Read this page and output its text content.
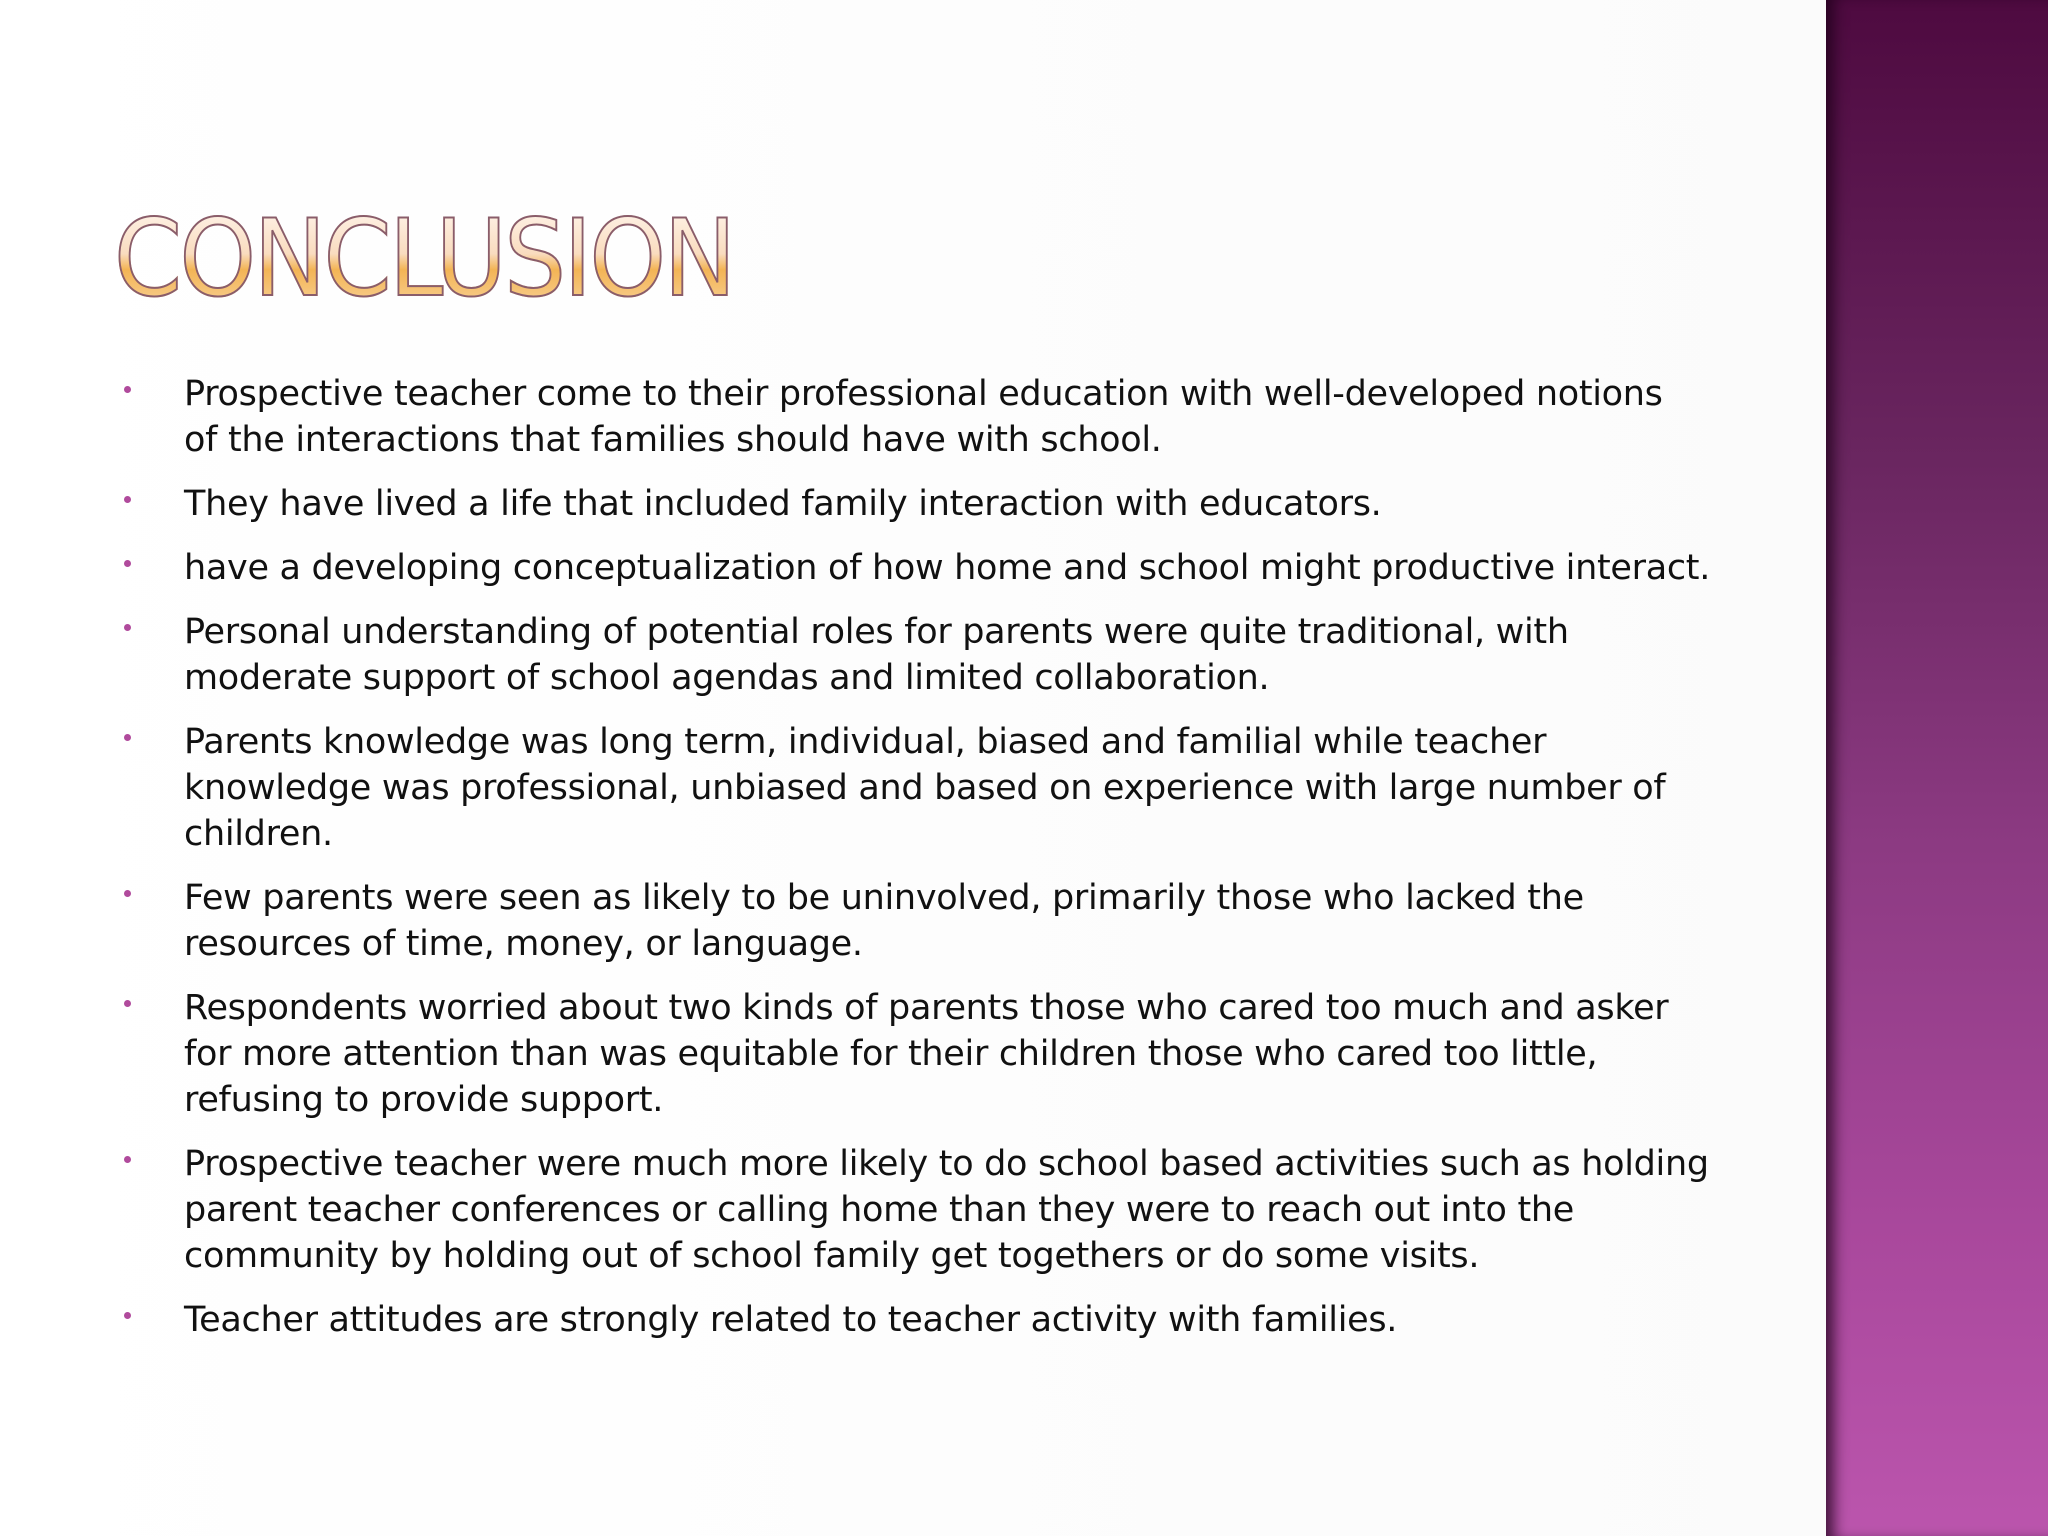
CONCLUSION
Prospective teacher come to their professional education with well-developed notions
of the interactions that families should have with school.
They have lived a life that included family interaction with educators.
have a developing conceptualization of how home and school might productive interact.
Personal understanding of potential roles for parents were quite traditional, with
moderate support of school agendas and limited collaboration.
Parents knowledge was long term, individual, biased and familial while teacher
knowledge was professional, unbiased and based on experience with large number of
children.
Few parents were seen as likely to be uninvolved, primarily those who lacked the
resources of time, money, or language.
Respondents worried about two kinds of parents those who cared too much and asker
for more attention than was equitable for their children those who cared too little,
refusing to provide support.
Prospective teacher were much more likely to do school based activities such as holding
parent teacher conferences or calling home than they were to reach out into the
community by holding out of school family get togethers or do some visits.
Teacher attitudes are strongly related to teacher activity with families.
